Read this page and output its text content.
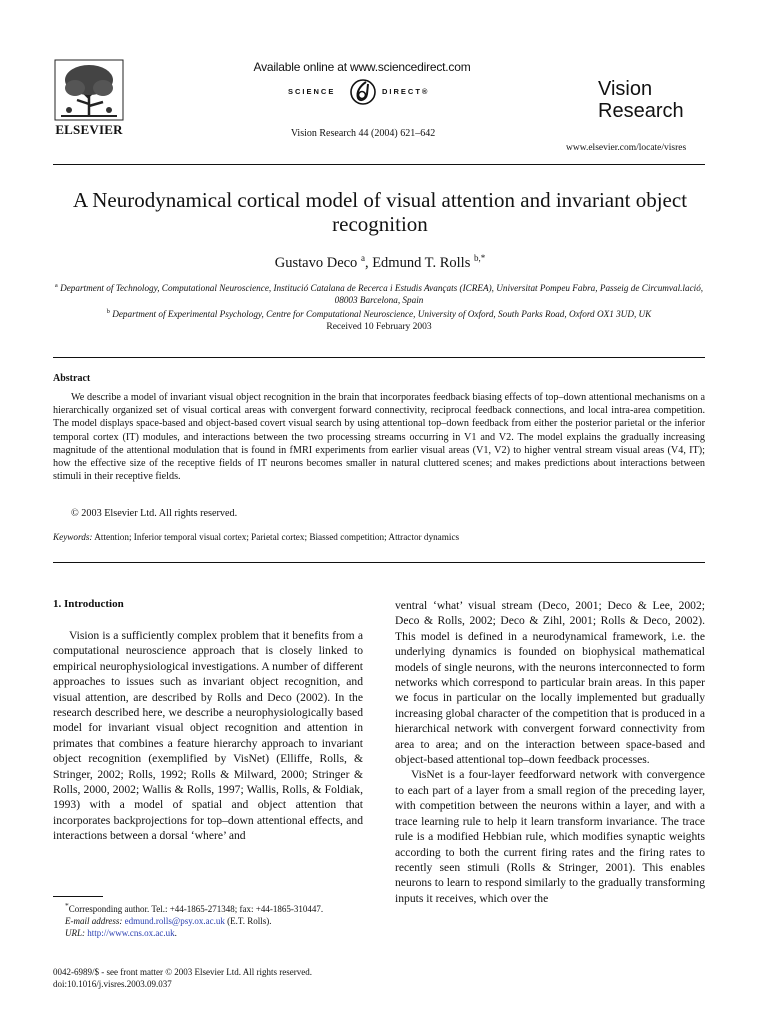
ELSEVIER
Available online at www.sciencedirect.com
SCIENCE	DIRECT®
Vision Research 44 (2004) 621–642
Vision
Research
www.elsevier.com/locate/visres
A Neurodynamical cortical model of visual attention and invariant object recognition
Gustavo Deco $^a$, Edmund T. Rolls $^{b,*}$
$^a$ Department of Technology, Computational Neuroscience, Institució Catalana de Recerca i Estudis Avançats (ICREA), Universitat Pompeu Fabra, Passeig de Circumval.lació, 08003 Barcelona, Spain
$^b$ Department of Experimental Psychology, Centre for Computational Neuroscience, University of Oxford, South Parks Road, Oxford OX1 3UD, UK
Received 10 February 2003
Abstract
We describe a model of invariant visual object recognition in the brain that incorporates feedback biasing effects of top–down attentional mechanisms on a hierarchically organized set of visual cortical areas with convergent forward connectivity, reciprocal feedback connections, and local intra-area competition. The model displays space-based and object-based covert visual search by using attentional top–down feedback from either the posterior parietal or the inferior temporal cortex (IT) modules, and interactions between the two processing streams occurring in V1 and V2. The model explains the gradually increasing magnitude of the attentional modulation that is found in fMRI experiments from earlier visual areas (V1, V2) to higher ventral stream visual areas (V4, IT); how the effective size of the receptive fields of IT neurons becomes smaller in natural cluttered scenes; and makes predictions about interactions between stimuli in their receptive fields.
© 2003 Elsevier Ltd. All rights reserved.
Keywords: Attention; Inferior temporal visual cortex; Parietal cortex; Biassed competition; Attractor dynamics
1. Introduction

Vision is a sufficiently complex problem that it benefits from a computational neuroscience approach that is closely linked to empirical neurophysiological investigations. A number of different approaches to issues such as invariant object recognition, and visual attention, are described by Rolls and Deco (2002). In the research described here, we describe a neurophysiologically based model for invariant visual object recognition and attention in primates that combines a feature hierarchy approach to invariant object recognition (exemplified by VisNet) (Elliffe, Rolls, & Stringer, 2002; Rolls, 1992; Rolls & Milward, 2000; Stringer & Rolls, 2000, 2002; Wallis & Rolls, 1997; Wallis, Rolls, & Foldiak, 1993) with a model of spatial and object attention that incorporates backprojections for top–down attentional effects, and interactions between a dorsal ‘where’ and

ventral ‘what’ visual stream (Deco, 2001; Deco & Lee, 2002; Deco & Rolls, 2002; Deco & Zihl, 2001; Rolls & Deco, 2002). This model is defined in a neurodynamical framework, i.e. the underlying dynamics is founded on biophysical mathematical models of single neurons, with the neurons interconnected to form networks which correspond to particular brain areas. In this paper we focus in particular on the locally implemented but gradually increasing global character of the competition that is produced in a hierarchical network with convergent forward connectivity from area to area; and on the interaction between space-based and object-based attentional top–down feedback processes.

VisNet is a four-layer feedforward network with convergence to each part of a layer from a small region of the preceding layer, with competition between the neurons within a layer, and with a trace learning rule to help it learn transform invariance. The trace rule is a modified Hebbian rule, which modifies synaptic weights according to both the current firing rates and the firing rates to recently seen stimuli (Rolls & Stringer, 2001). This enables neurons to learn to respond similarly to the gradually transforming inputs it receives, which over the

*Corresponding author. Tel.: +44-1865-271348; fax: +44-1865-310447.

E-mail address: edmund.rolls@psy.ox.ac.uk (E.T. Rolls).

URL: http://www.cns.ox.ac.uk.

0042-6989/$ - see front matter © 2003 Elsevier Ltd. All rights reserved.

doi:10.1016/j.visres.2003.09.037
